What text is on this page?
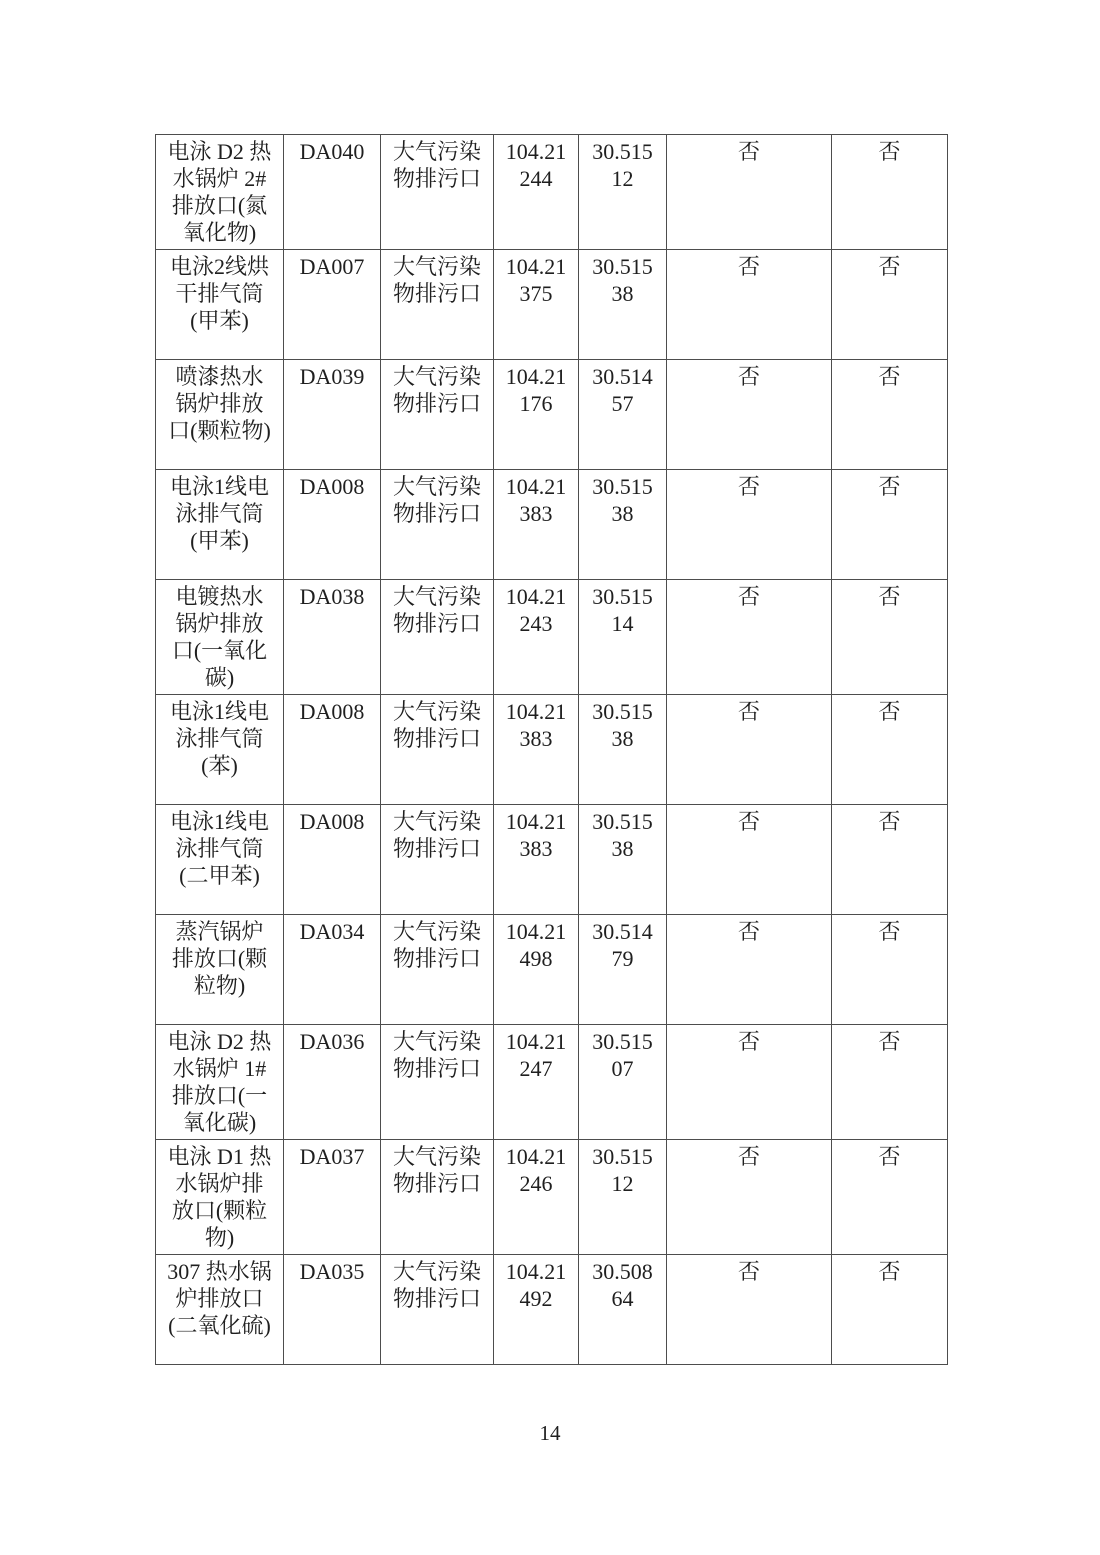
电泳 D2 热水锅炉 2#排放口(氮氧化物)	DA040	大气污染物排污口	104.21244	30.51512	否	否
电泳2线烘干排气筒(甲苯)	DA007	大气污染物排污口	104.21375	30.51538	否	否
喷漆热水锅炉排放口(颗粒物)	DA039	大气污染物排污口	104.21176	30.51457	否	否
电泳1线电泳排气筒(甲苯)	DA008	大气污染物排污口	104.21383	30.51538	否	否
电镀热水锅炉排放口(一氧化碳)	DA038	大气污染物排污口	104.21243	30.51514	否	否
电泳1线电泳排气筒(苯)	DA008	大气污染物排污口	104.21383	30.51538	否	否
电泳1线电泳排气筒(二甲苯)	DA008	大气污染物排污口	104.21383	30.51538	否	否
蒸汽锅炉排放口(颗粒物)	DA034	大气污染物排污口	104.21498	30.51479	否	否
电泳 D2 热水锅炉 1#排放口(一氧化碳)	DA036	大气污染物排污口	104.21247	30.51507	否	否
电泳 D1 热水锅炉排放口(颗粒物)	DA037	大气污染物排污口	104.21246	30.51512	否	否
307 热水锅炉排放口(二氧化硫)	DA035	大气污染物排污口	104.21492	30.50864	否	否
14
